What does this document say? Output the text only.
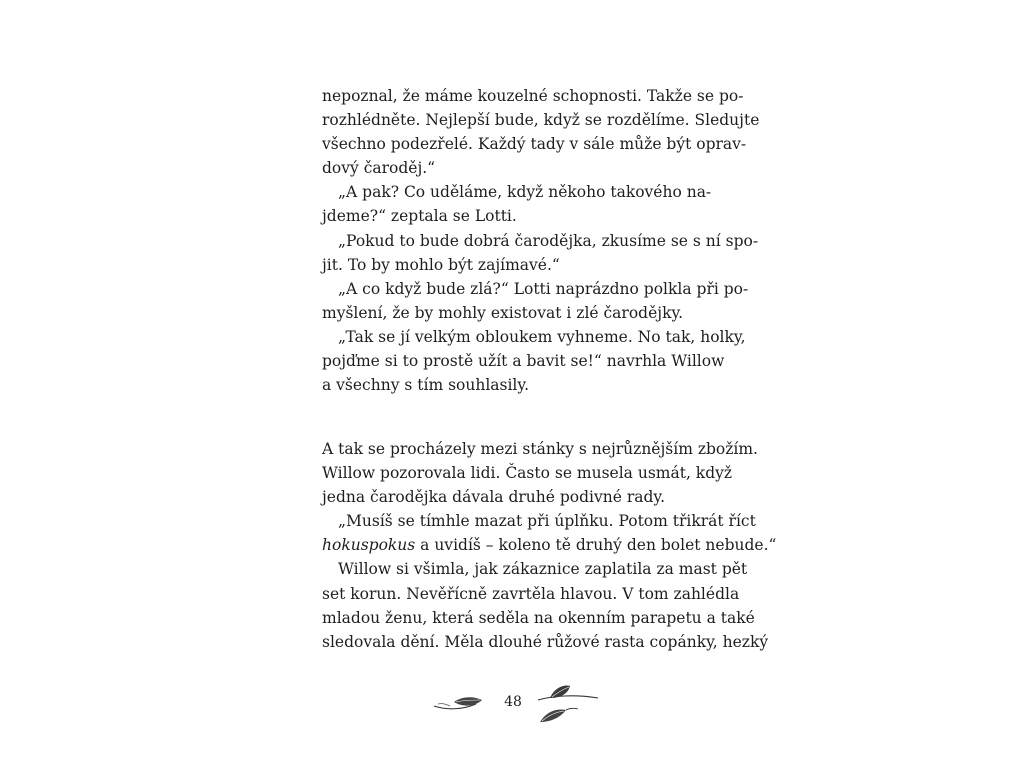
nepoznal, že máme kouzelné schopnosti. Takže se po-
rozhlédněte. Nejlepší bude, když se rozdělíme. Sledujte
všechno podezřelé. Každý tady v sále může být oprav-
dový čaroděj.“
„A pak? Co uděláme, když někoho takového na-
jdeme?“ zeptala se Lotti.
„Pokud to bude dobrá čarodějka, zkusíme se s ní spo-
jit. To by mohlo být zajímavé.“
„A co když bude zlá?“ Lotti naprázdno polkla při po-
myšlení, že by mohly existovat i zlé čarodějky.
„Tak se jí velkým obloukem vyhneme. No tak, holky,
pojďme si to prostě užít a bavit se!“ navrhla Willow
a všechny s tím souhlasily.
A tak se procházely mezi stánky s nejrůznějším zbožím.
Willow pozorovala lidi. Často se musela usmát, když
jedna čarodějka dávala druhé podivné rady.
„Musíš se tímhle mazat při úplňku. Potom třikrát říct
hokuspokus a uvidíš – koleno tě druhý den bolet nebude.“
Willow si všimla, jak zákaznice zaplatila za mast pět
set korun. Nevěřícně zavrtěla hlavou. V tom zahlédla
mladou ženu, která seděla na okenním parapetu a také
sledovala dění. Měla dlouhé růžové rasta copánky, hezký
48
